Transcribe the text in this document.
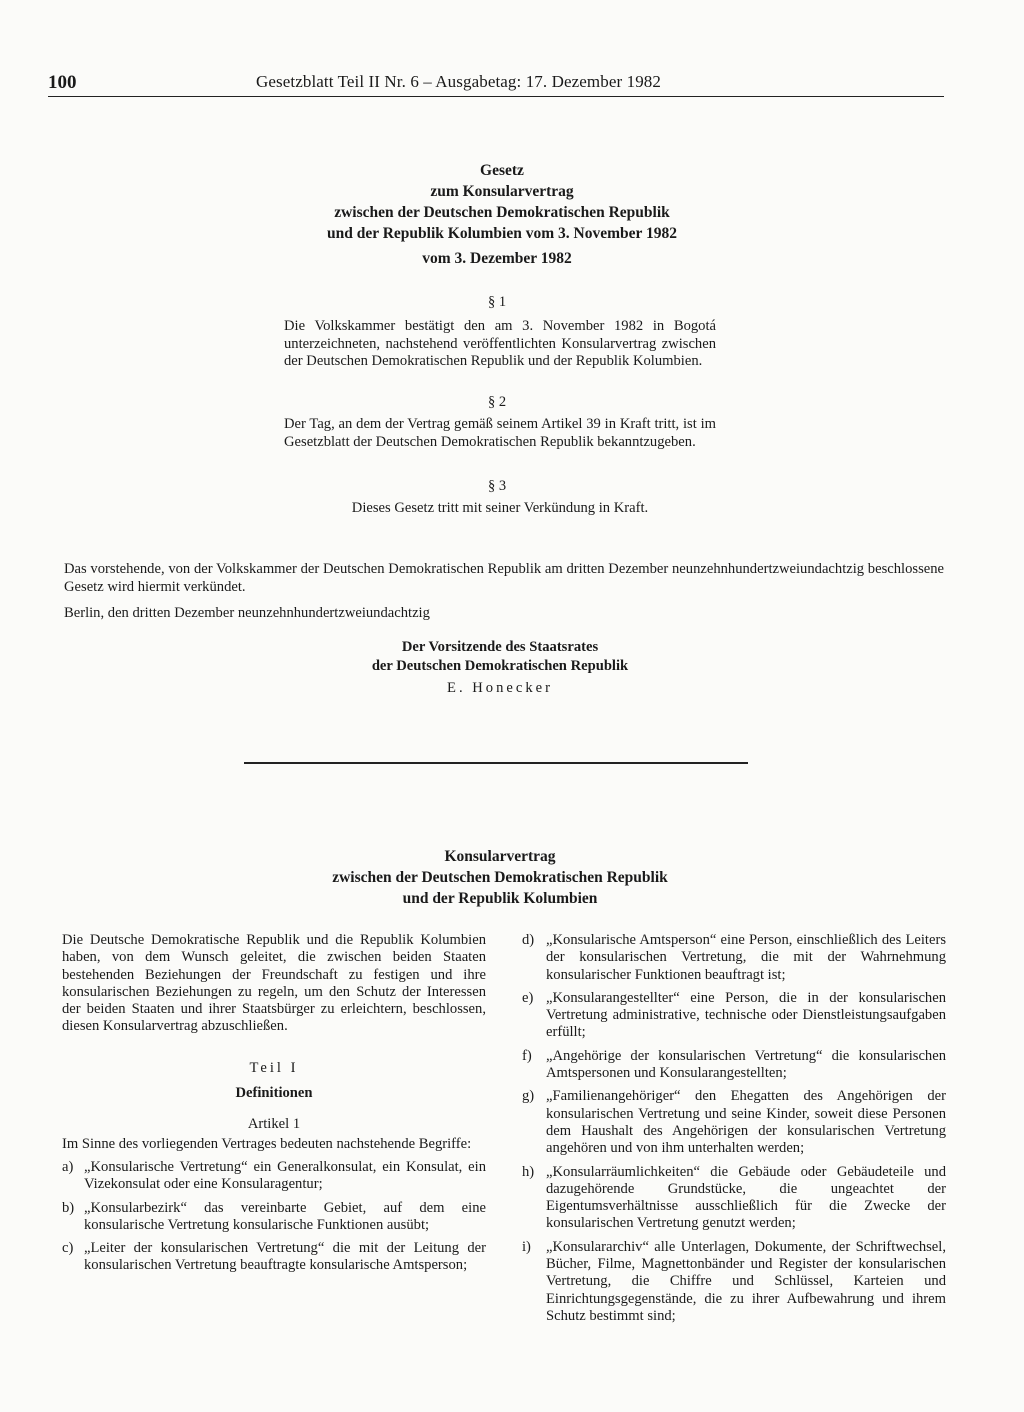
100	Gesetzblatt Teil II Nr. 6 – Ausgabetag: 17. Dezember 1982
Gesetz
zum Konsularvertrag
zwischen der Deutschen Demokratischen Republik
und der Republik Kolumbien vom 3. November 1982
vom 3. Dezember 1982
§ 1
Die Volkskammer bestätigt den am 3. November 1982 in Bogotá unterzeichneten, nachstehend veröffentlichten Konsularvertrag zwischen der Deutschen Demokratischen Republik und der Republik Kolumbien.
§ 2
Der Tag, an dem der Vertrag gemäß seinem Artikel 39 in Kraft tritt, ist im Gesetzblatt der Deutschen Demokratischen Republik bekanntzugeben.
§ 3
Dieses Gesetz tritt mit seiner Verkündung in Kraft.
Das vorstehende, von der Volkskammer der Deutschen Demokratischen Republik am dritten Dezember neunzehnhundertzweiundachtzig beschlossene Gesetz wird hiermit verkündet.
Berlin, den dritten Dezember neunzehnhundertzweiundachtzig
Der Vorsitzende des Staatsrates
der Deutschen Demokratischen Republik
E. Honecker
Konsularvertrag
zwischen der Deutschen Demokratischen Republik
und der Republik Kolumbien

Die Deutsche Demokratische Republik und die Republik Kolumbien haben, von dem Wunsch geleitet, die zwischen beiden Staaten bestehenden Beziehungen der Freundschaft zu festigen und ihre konsularischen Beziehungen zu regeln, um den Schutz der Interessen der beiden Staaten und ihrer Staatsbürger zu erleichtern, beschlossen, diesen Konsularvertrag abzuschließen.

Teil I
Definitionen
Artikel 1

Im Sinne des vorliegenden Vertrages bedeuten nachstehende Begriffe:

a) „Konsularische Vertretung“ ein Generalkonsulat, ein Konsulat, ein Vizekonsulat oder eine Konsularagentur;
b) „Konsularbezirk“ das vereinbarte Gebiet, auf dem eine konsularische Vertretung konsularische Funktionen ausübt;
c) „Leiter der konsularischen Vertretung“ die mit der Leitung der konsularischen Vertretung beauftragte konsularische Amtsperson;
d) „Konsularische Amtsperson“ eine Person, einschließlich des Leiters der konsularischen Vertretung, die mit der Wahrnehmung konsularischer Funktionen beauftragt ist;
e) „Konsularangestellter“ eine Person, die in der konsularischen Vertretung administrative, technische oder Dienstleistungsaufgaben erfüllt;
f) „Angehörige der konsularischen Vertretung“ die konsularischen Amtspersonen und Konsularangestellten;
g) „Familienangehöriger“ den Ehegatten des Angehörigen der konsularischen Vertretung und seine Kinder, soweit diese Personen dem Haushalt des Angehörigen der konsularischen Vertretung angehören und von ihm unterhalten werden;
h) „Konsularräumlichkeiten“ die Gebäude oder Gebäudeteile und dazugehörende Grundstücke, die ungeachtet der Eigentumsverhältnisse ausschließlich für die Zwecke der konsularischen Vertretung genutzt werden;
i) „Konsulararchiv“ alle Unterlagen, Dokumente, der Schriftwechsel, Bücher, Filme, Magnettonbänder und Register der konsularischen Vertretung, die Chiffre und Schlüssel, Karteien und Einrichtungsgegenstände, die zu ihrer Aufbewahrung und ihrem Schutz bestimmt sind;
